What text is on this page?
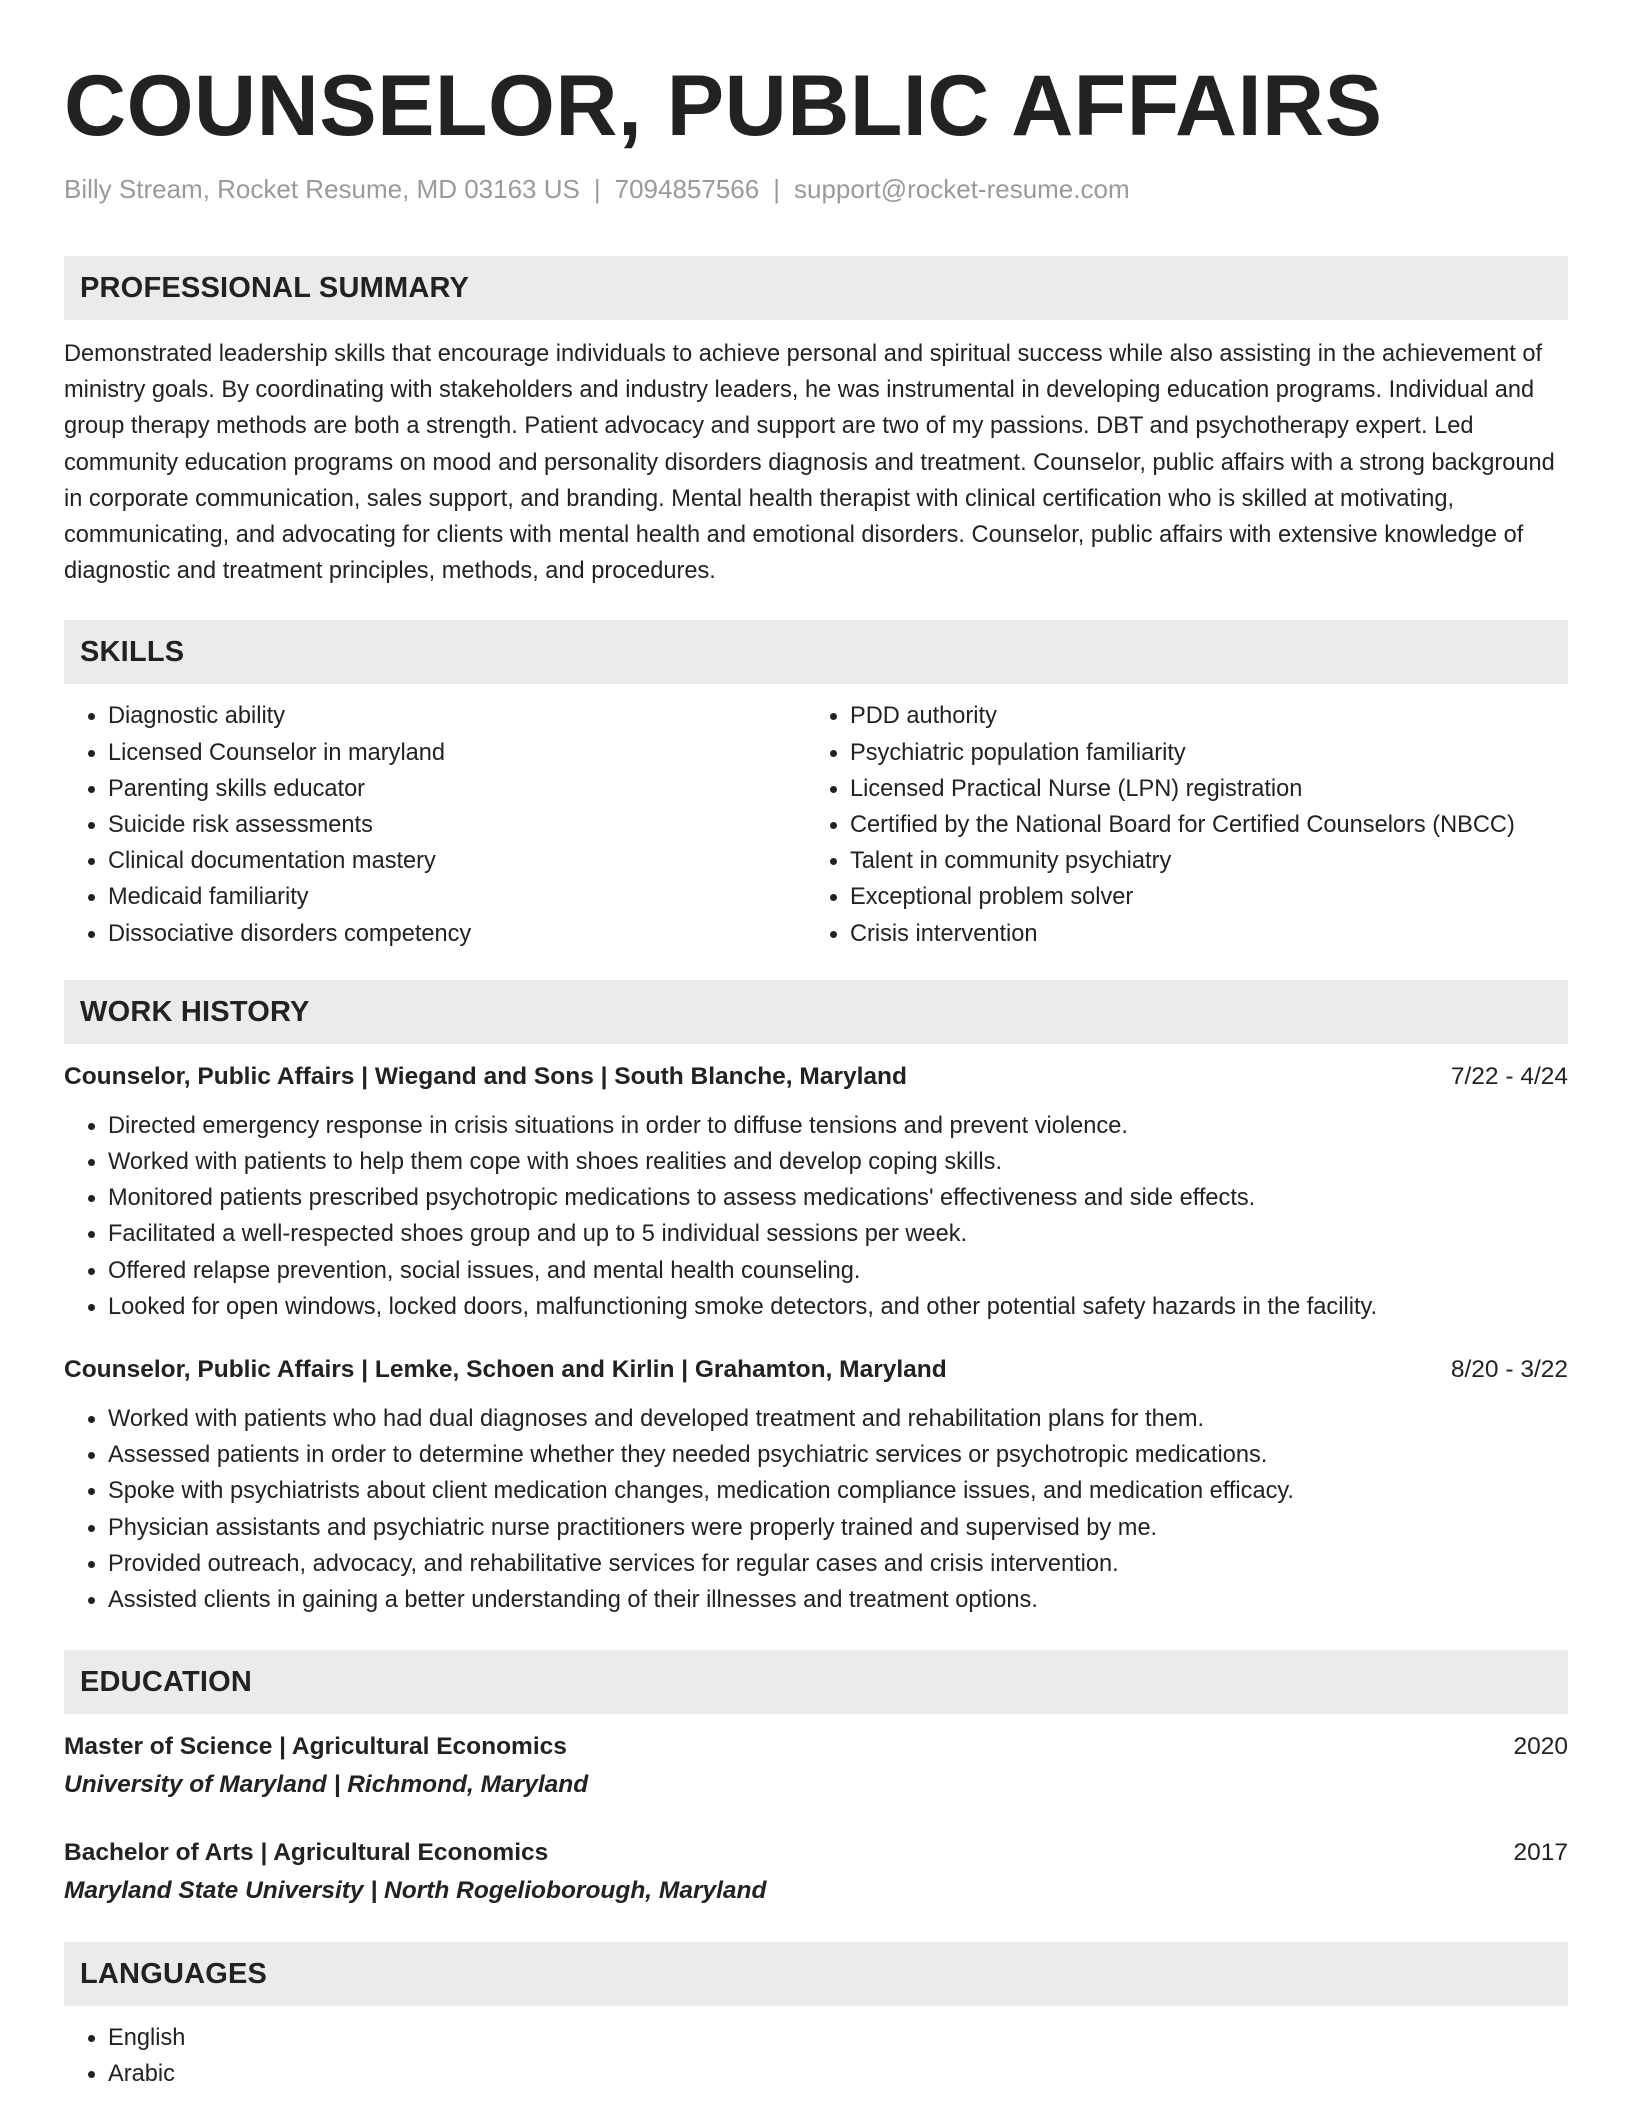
COUNSELOR, PUBLIC AFFAIRS
Billy Stream, Rocket Resume, MD 03163 US | 7094857566 | support@rocket-resume.com
PROFESSIONAL SUMMARY

Demonstrated leadership skills that encourage individuals to achieve personal and spiritual success while also assisting in the achievement of ministry goals. By coordinating with stakeholders and industry leaders, he was instrumental in developing education programs. Individual and group therapy methods are both a strength. Patient advocacy and support are two of my passions. DBT and psychotherapy expert. Led community education programs on mood and personality disorders diagnosis and treatment. Counselor, public affairs with a strong background in corporate communication, sales support, and branding. Mental health therapist with clinical certification who is skilled at motivating, communicating, and advocating for clients with mental health and emotional disorders. Counselor, public affairs with extensive knowledge of diagnostic and treatment principles, methods, and procedures.

SKILLS
• Diagnostic ability
• Licensed Counselor in maryland
• Parenting skills educator
• Suicide risk assessments
• Clinical documentation mastery
• Medicaid familiarity
• Dissociative disorders competency
• PDD authority
• Psychiatric population familiarity
• Licensed Practical Nurse (LPN) registration
• Certified by the National Board for Certified Counselors (NBCC)
• Talent in community psychiatry
• Exceptional problem solver
• Crisis intervention
WORK HISTORY
Counselor, Public Affairs | Wiegand and Sons | South Blanche, Maryland	7/22 - 4/24
• Directed emergency response in crisis situations in order to diffuse tensions and prevent violence.
• Worked with patients to help them cope with shoes realities and develop coping skills.
• Monitored patients prescribed psychotropic medications to assess medications' effectiveness and side effects.
• Facilitated a well-respected shoes group and up to 5 individual sessions per week.
• Offered relapse prevention, social issues, and mental health counseling.
• Looked for open windows, locked doors, malfunctioning smoke detectors, and other potential safety hazards in the facility.
Counselor, Public Affairs | Lemke, Schoen and Kirlin | Grahamton, Maryland	8/20 - 3/22
• Worked with patients who had dual diagnoses and developed treatment and rehabilitation plans for them.
• Assessed patients in order to determine whether they needed psychiatric services or psychotropic medications.
• Spoke with psychiatrists about client medication changes, medication compliance issues, and medication efficacy.
• Physician assistants and psychiatric nurse practitioners were properly trained and supervised by me.
• Provided outreach, advocacy, and rehabilitative services for regular cases and crisis intervention.
• Assisted clients in gaining a better understanding of their illnesses and treatment options.
EDUCATION
Master of Science | Agricultural Economics	2020
University of Maryland | Richmond, Maryland
Bachelor of Arts | Agricultural Economics	2017
Maryland State University | North Rogelioborough, Maryland
LANGUAGES
• English
• Arabic
